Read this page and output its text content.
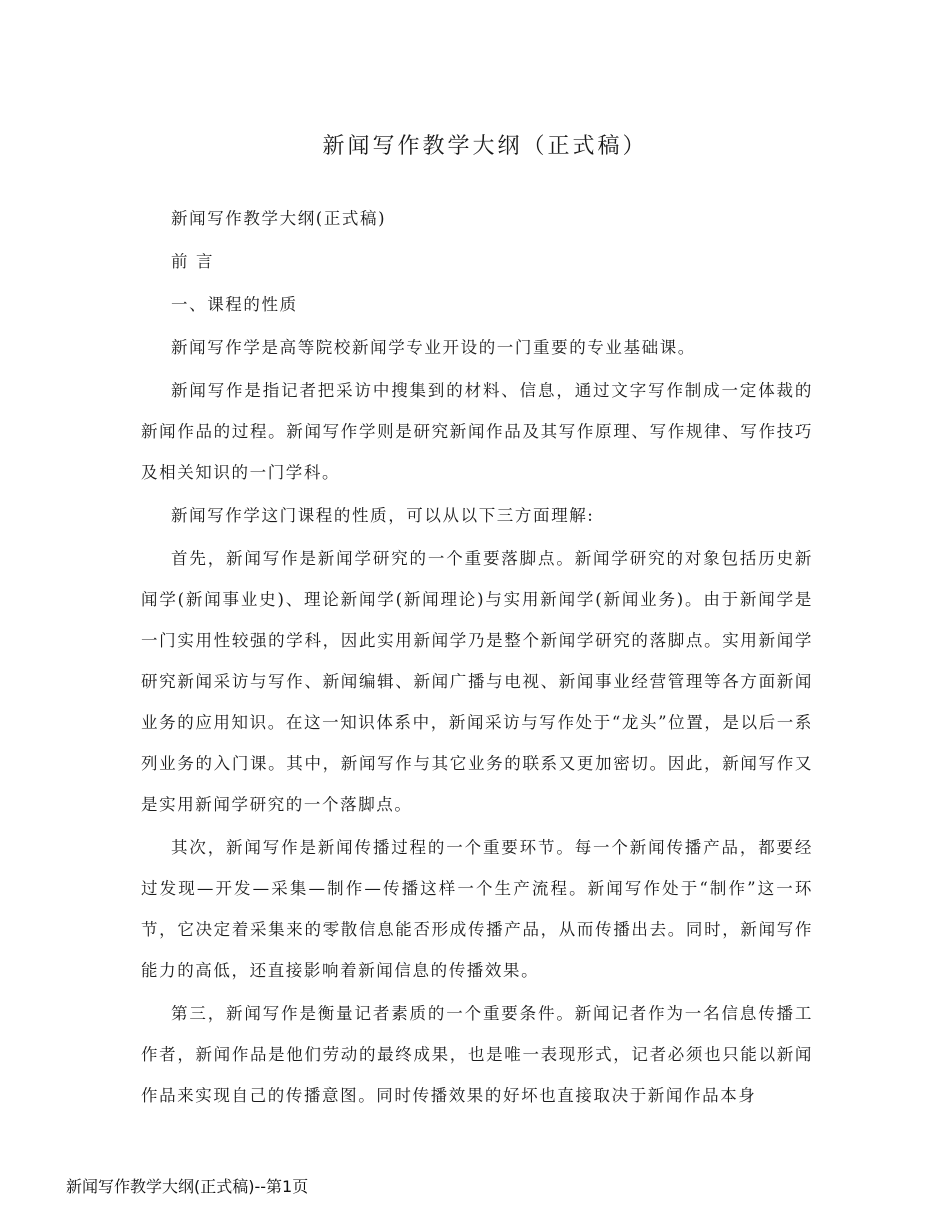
新闻写作教学大纲（正式稿）

新闻写作教学大纲(正式稿)

前 言

一、课程的性质

新闻写作学是高等院校新闻学专业开设的一门重要的专业基础课。

新闻写作是指记者把采访中搜集到的材料、信息，通过文字写作制成一定体裁的新闻作品的过程。新闻写作学则是研究新闻作品及其写作原理、写作规律、写作技巧及相关知识的一门学科。

新闻写作学这门课程的性质，可以从以下三方面理解:

首先，新闻写作是新闻学研究的一个重要落脚点。新闻学研究的对象包括历史新闻学(新闻事业史)、理论新闻学(新闻理论)与实用新闻学(新闻业务)。由于新闻学是一门实用性较强的学科，因此实用新闻学乃是整个新闻学研究的落脚点。实用新闻学研究新闻采访与写作、新闻编辑、新闻广播与电视、新闻事业经营管理等各方面新闻业务的应用知识。在这一知识体系中，新闻采访与写作处于“龙头”位置，是以后一系列业务的入门课。其中，新闻写作与其它业务的联系又更加密切。因此，新闻写作又是实用新闻学研究的一个落脚点。

其次，新闻写作是新闻传播过程的一个重要环节。每一个新闻传播产品，都要经过发现—开发—采集—制作—传播这样一个生产流程。新闻写作处于“制作”这一环节，它决定着采集来的零散信息能否形成传播产品，从而传播出去。同时，新闻写作能力的高低，还直接影响着新闻信息的传播效果。

第三，新闻写作是衡量记者素质的一个重要条件。新闻记者作为一名信息传播工作者，新闻作品是他们劳动的最终成果，也是唯一表现形式，记者必须也只能以新闻作品来实现自己的传播意图。同时传播效果的好坏也直接取决于新闻作品本身

新闻写作教学大纲(正式稿)--第1页
